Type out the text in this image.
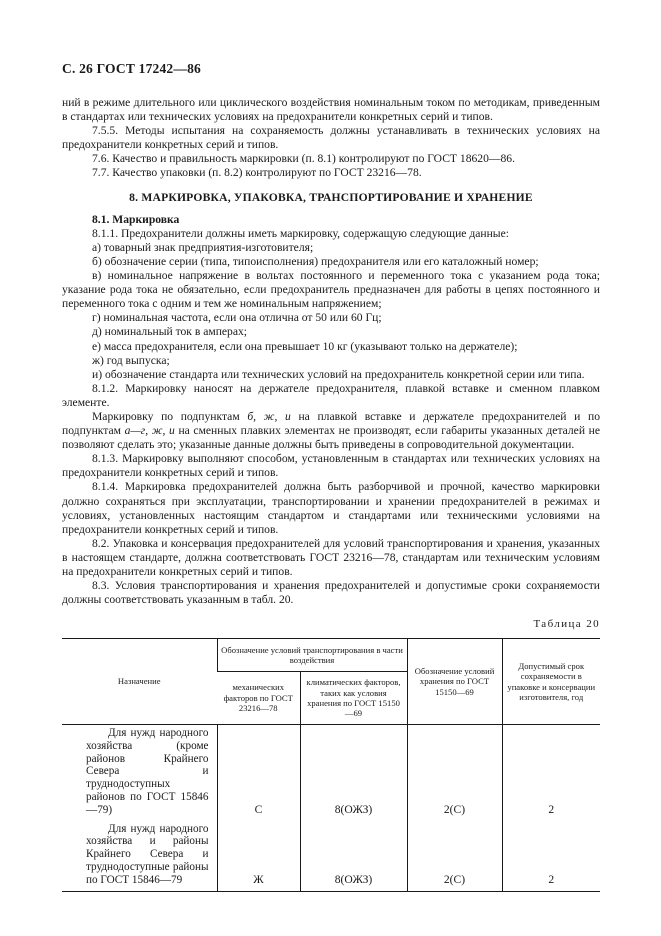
С. 26 ГОСТ 17242—86

ний в режиме длительного или циклического воздействия номинальным током по методикам, приведенным в стандартах или технических условиях на предохранители конкретных серий и типов.

7.5.5. Методы испытания на сохраняемость должны устанавливать в технических условиях на предохранители конкретных серий и типов.

7.6. Качество и правильность маркировки (п. 8.1) контролируют по ГОСТ 18620—86.

7.7. Качество упаковки (п. 8.2) контролируют по ГОСТ 23216—78.

8. МАРКИРОВКА, УПАКОВКА, ТРАНСПОРТИРОВАНИЕ И ХРАНЕНИЕ

8.1. Маркировка

8.1.1. Предохранители должны иметь маркировку, содержащую следующие данные:

а) товарный знак предприятия-изготовителя;

б) обозначение серии (типа, типоисполнения) предохранителя или его каталожный номер;

в) номинальное напряжение в вольтах постоянного и переменного тока с указанием рода тока; указание рода тока не обязательно, если предохранитель предназначен для работы в цепях постоянного и переменного тока с одним и тем же номинальным напряжением;

г) номинальная частота, если она отлична от 50 или 60 Гц;

д) номинальный ток в амперах;

е) масса предохранителя, если она превышает 10 кг (указывают только на держателе);

ж) год выпуска;

и) обозначение стандарта или технических условий на предохранитель конкретной серии или типа.

8.1.2. Маркировку наносят на держателе предохранителя, плавкой вставке и сменном плавком элементе.

Маркировку по подпунктам б, ж, и на плавкой вставке и держателе предохранителей и по подпунктам а—г, ж, и на сменных плавких элементах не производят, если габариты указанных деталей не позволяют сделать это; указанные данные должны быть приведены в сопроводительной документации.

8.1.3. Маркировку выполняют способом, установленным в стандартах или технических условиях на предохранители конкретных серий и типов.

8.1.4. Маркировка предохранителей должна быть разборчивой и прочной, качество маркировки должно сохраняться при эксплуатации, транспортировании и хранении предохранителей в режимах и условиях, установленных настоящим стандартом и стандартами или техническими условиями на предохранители конкретных серий и типов.

8.2. Упаковка и консервация предохранителей для условий транспортирования и хранения, указанных в настоящем стандарте, должна соответствовать ГОСТ 23216—78, стандартам или техническим условиям на предохранители конкретных серий и типов.

8.3. Условия транспортирования и хранения предохранителей и допустимые сроки сохраняемости должны соответствовать указанным в табл. 20.

Таблица 20
Назначение	Обозначение условий транспортирования в части воздействия		Обозначение условий хранения по ГОСТ 15150—69	Допустимый срок сохраняемости в упаковке и консервации изготовителя, год
	механических факторов по ГОСТ 23216—78	климатических факторов, таких как условия хранения по ГОСТ 15150—69		
Для нужд народного хозяйства (кроме районов Крайнего Севера и труднодоступных районов по ГОСТ 15846—79)	С	8(ОЖЗ)	2(С)	2
Для нужд народного хозяйства и районы Крайнего Севера и труднодоступные районы по ГОСТ 15846—79	Ж	8(ОЖЗ)	2(С)	2
